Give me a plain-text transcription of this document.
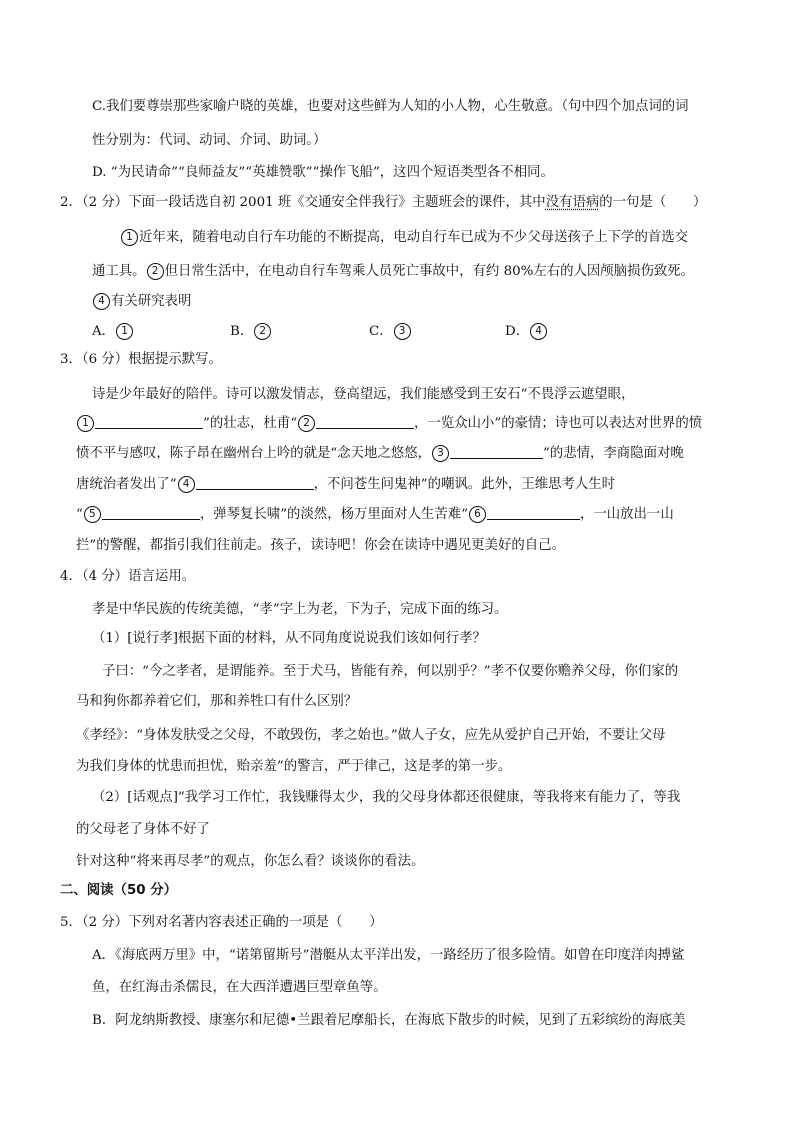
C.我们要尊崇那些家喻户晓的英雄，也要对这些鲜为人知的小人物，心生敬意。（句中四个加点词的词
性分别为：代词、动词、介词、助词。）
D. “为民请命”“良师益友”“英雄赞歌”“操作飞船”，这四个短语类型各不相同。
2．（2 分）下面一段话选自初 2001 班《交通安全伴我行》主题班会的课件，其中没有语病的一句是（　　）
1 近年来，随着电动自行车功能的不断提高，电动自行车已成为不少父母送孩子上下学的首选交
通工具。 2 但日常生活中，在电动自行车驾乘人员死亡事故中，有约 80%左右的人因颅脑损伤致死。
4 有关研究表明
A． 1	B． 2	C． 3	D． 4
3．（6 分）根据提示默写。
诗是少年最好的陪伴。诗可以激发情志，登高望远，我们能感受到王安石“不畏浮云遮望眼，
1	”的壮志，杜甫“ 2	，一览众山小”的豪情；诗也可以表达对世界的愤
愤不平与感叹，陈子昂在幽州台上吟的就是“念天地之悠悠， 3	”的悲情，李商隐面对晚
唐统治者发出了“ 4	，不问苍生问鬼神”的嘲讽。此外，王维思考人生时
“ 5	，弹琴复长啸”的淡然，杨万里面对人生苦难“ 6	，一山放出一山
拦”的警醒，都指引我们往前走。孩子，读诗吧！你会在读诗中遇见更美好的自己。
4．（4 分）语言运用。
孝是中华民族的传统美德，“孝”字上为老，下为子，完成下面的练习。
（1）[说行孝]根据下面的材料，从不同角度说说我们该如何行孝？
子曰：“今之孝者，是谓能养。至于犬马，皆能有养，何以别乎？”孝不仅要你赡养父母，你们家的
马和狗你都养着它们，那和养牲口有什么区别？
《孝经》：“身体发肤受之父母，不敢毁伤，孝之始也。”做人子女，应先从爱护自己开始，不要让父母
为我们身体的忧患而担忧，贻亲羞”的警言，严于律己，这是孝的第一步。
（2）[话观点]“我学习工作忙，我钱赚得太少，我的父母身体都还很健康，等我将来有能力了，等我
的父母老了身体不好了
针对这种“将来再尽孝”的观点，你怎么看？谈谈你的看法。
二、阅读（50 分）
5．（2 分）下列对名著内容表述正确的一项是（　　）
A．《海底两万里》中，“诺第留斯号”潜艇从太平洋出发，一路经历了很多险情。如曾在印度洋肉搏鲨
鱼，在红海击杀儒艮，在大西洋遭遇巨型章鱼等。
B．阿龙纳斯教授、康塞尔和尼德•兰跟着尼摩船长，在海底下散步的时候，见到了五彩缤纷的海底美
